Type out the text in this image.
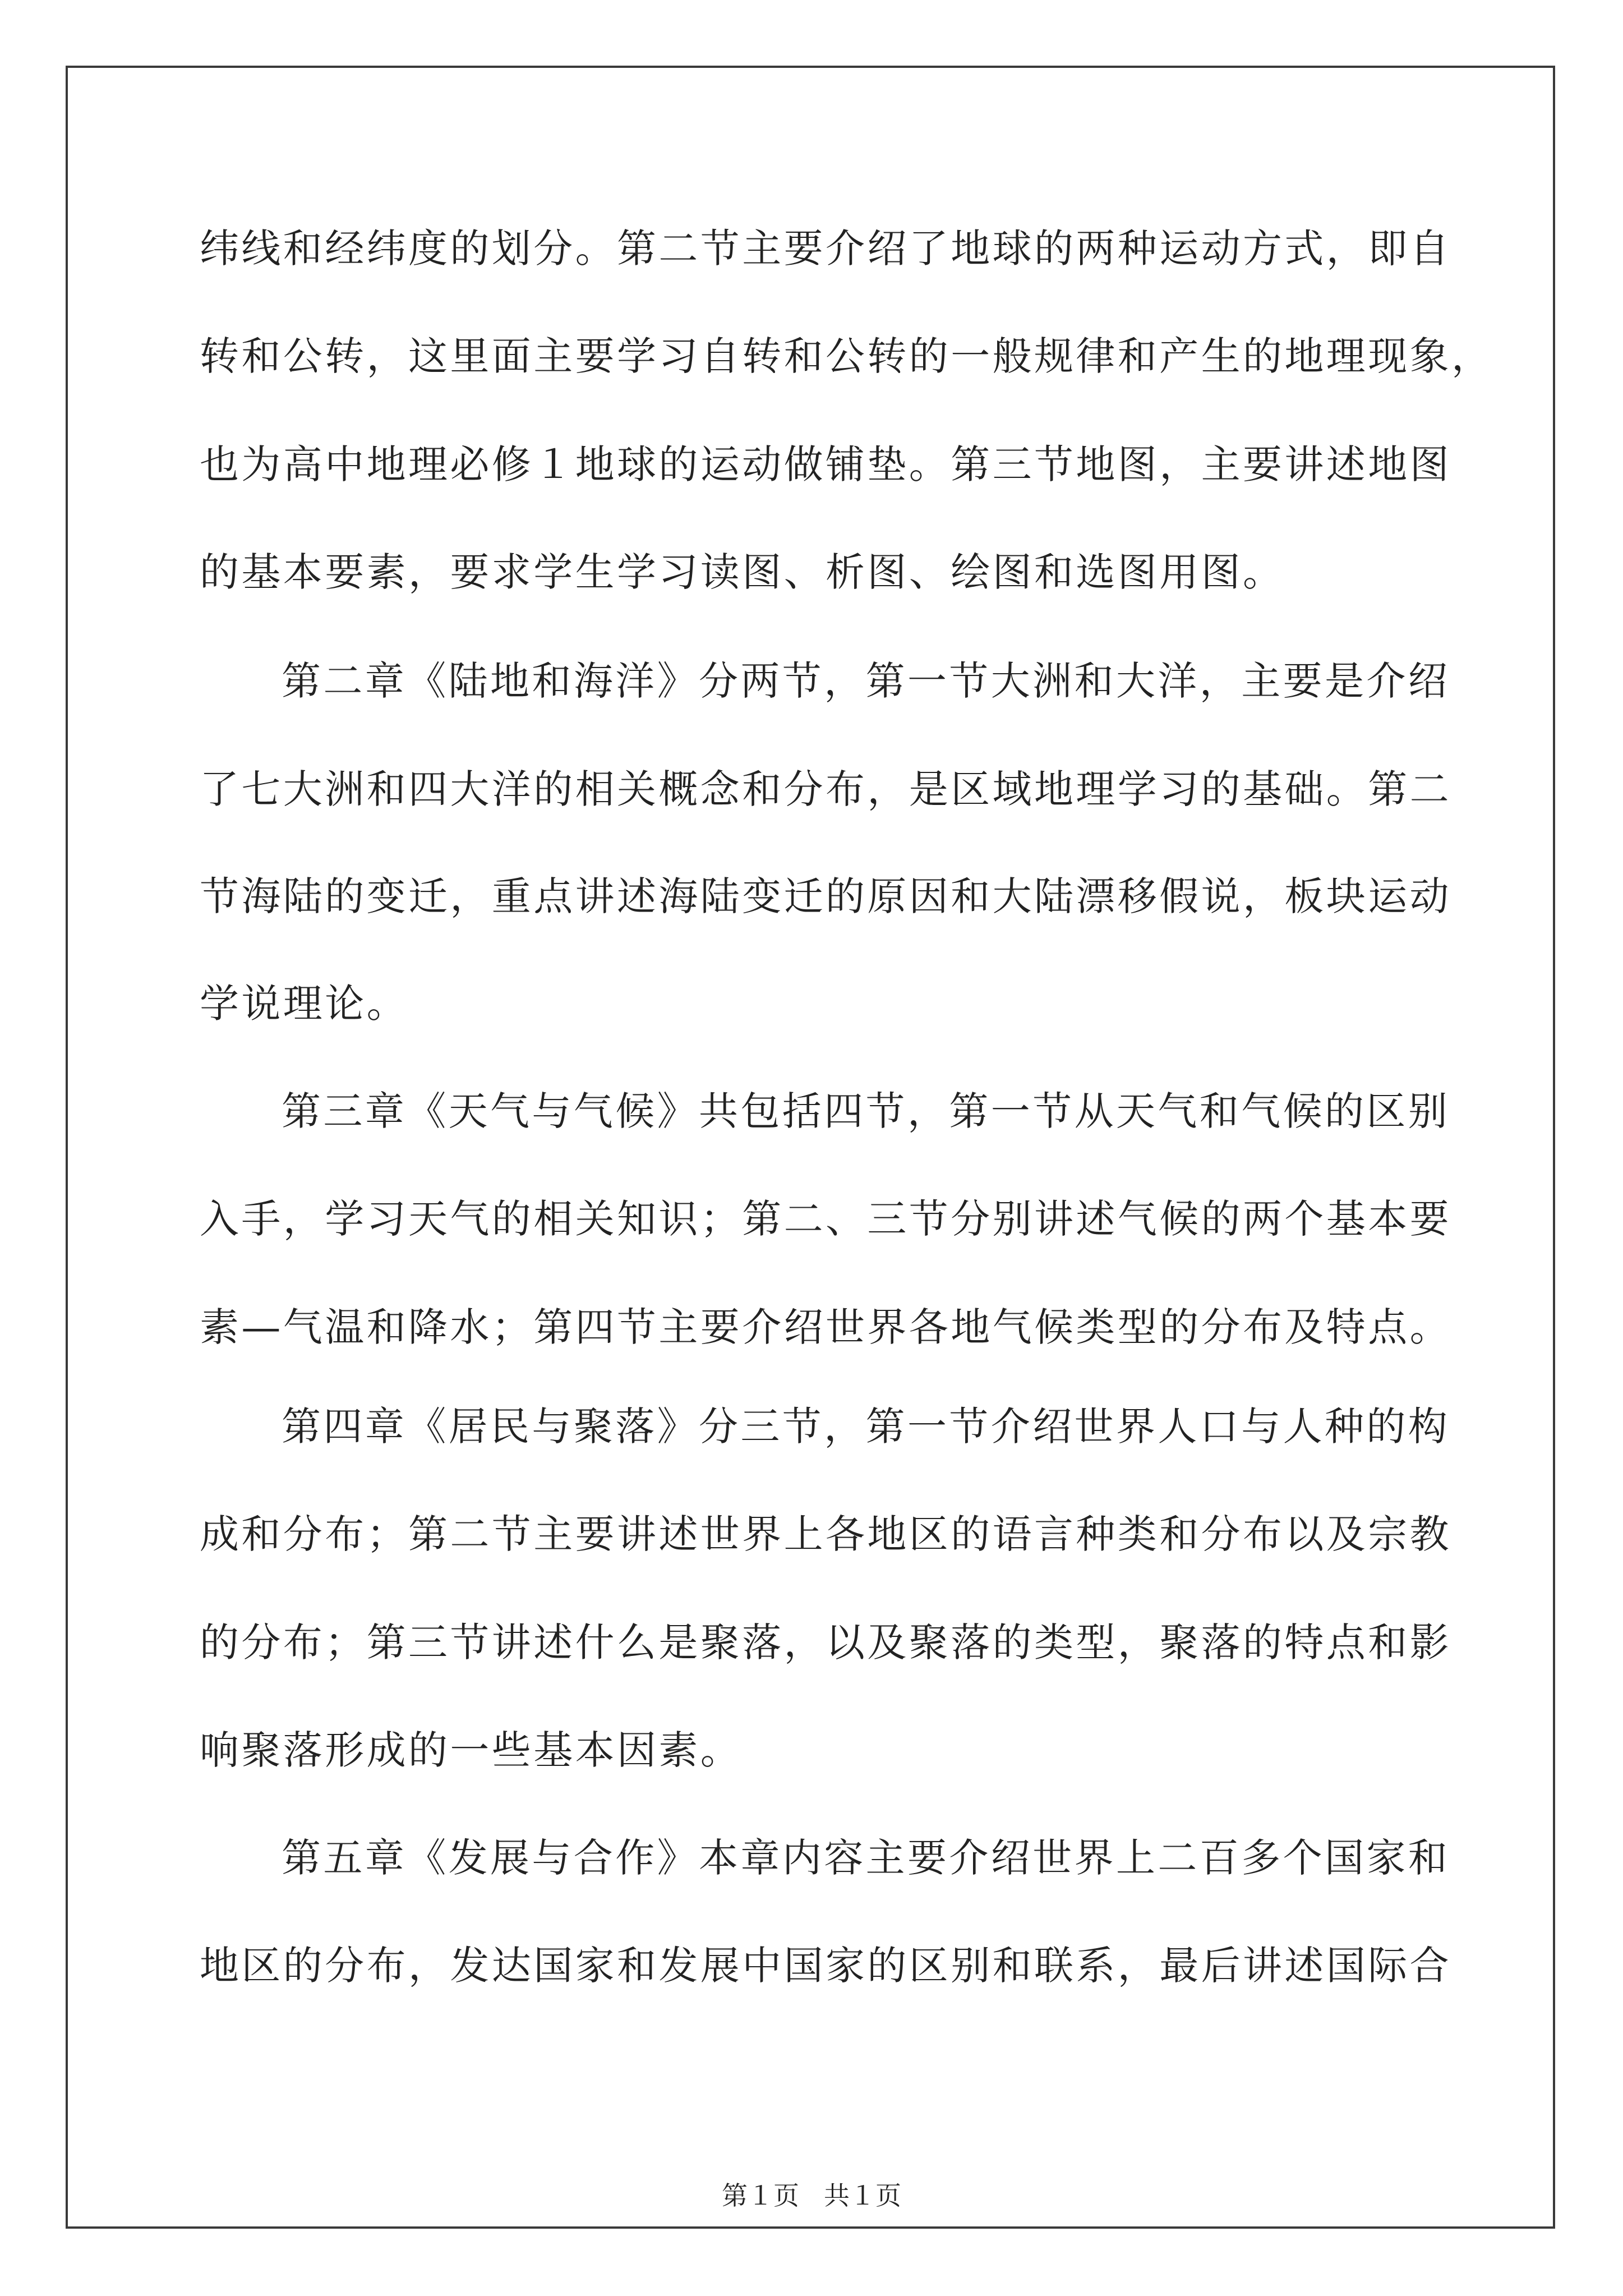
纬线和经纬度的划分。第二节主要介绍了地球的两种运动方式，即自
转和公转，这里面主要学习自转和公转的一般规律和产生的地理现象，
也为高中地理必修１地球的运动做铺垫。第三节地图，主要讲述地图
的基本要素，要求学生学习读图、析图、绘图和选图用图。
第二章《陆地和海洋》分两节，第一节大洲和大洋，主要是介绍
了七大洲和四大洋的相关概念和分布，是区域地理学习的基础。第二
节海陆的变迁，重点讲述海陆变迁的原因和大陆漂移假说，板块运动
学说理论。
第三章《天气与气候》共包括四节，第一节从天气和气候的区别
入手，学习天气的相关知识；第二、三节分别讲述气候的两个基本要
素—气温和降水；第四节主要介绍世界各地气候类型的分布及特点。
第四章《居民与聚落》分三节，第一节介绍世界人口与人种的构
成和分布；第二节主要讲述世界上各地区的语言种类和分布以及宗教
的分布；第三节讲述什么是聚落，以及聚落的类型，聚落的特点和影
响聚落形成的一些基本因素。
第五章《发展与合作》本章内容主要介绍世界上二百多个国家和
地区的分布，发达国家和发展中国家的区别和联系，最后讲述国际合
第１页 共１页
